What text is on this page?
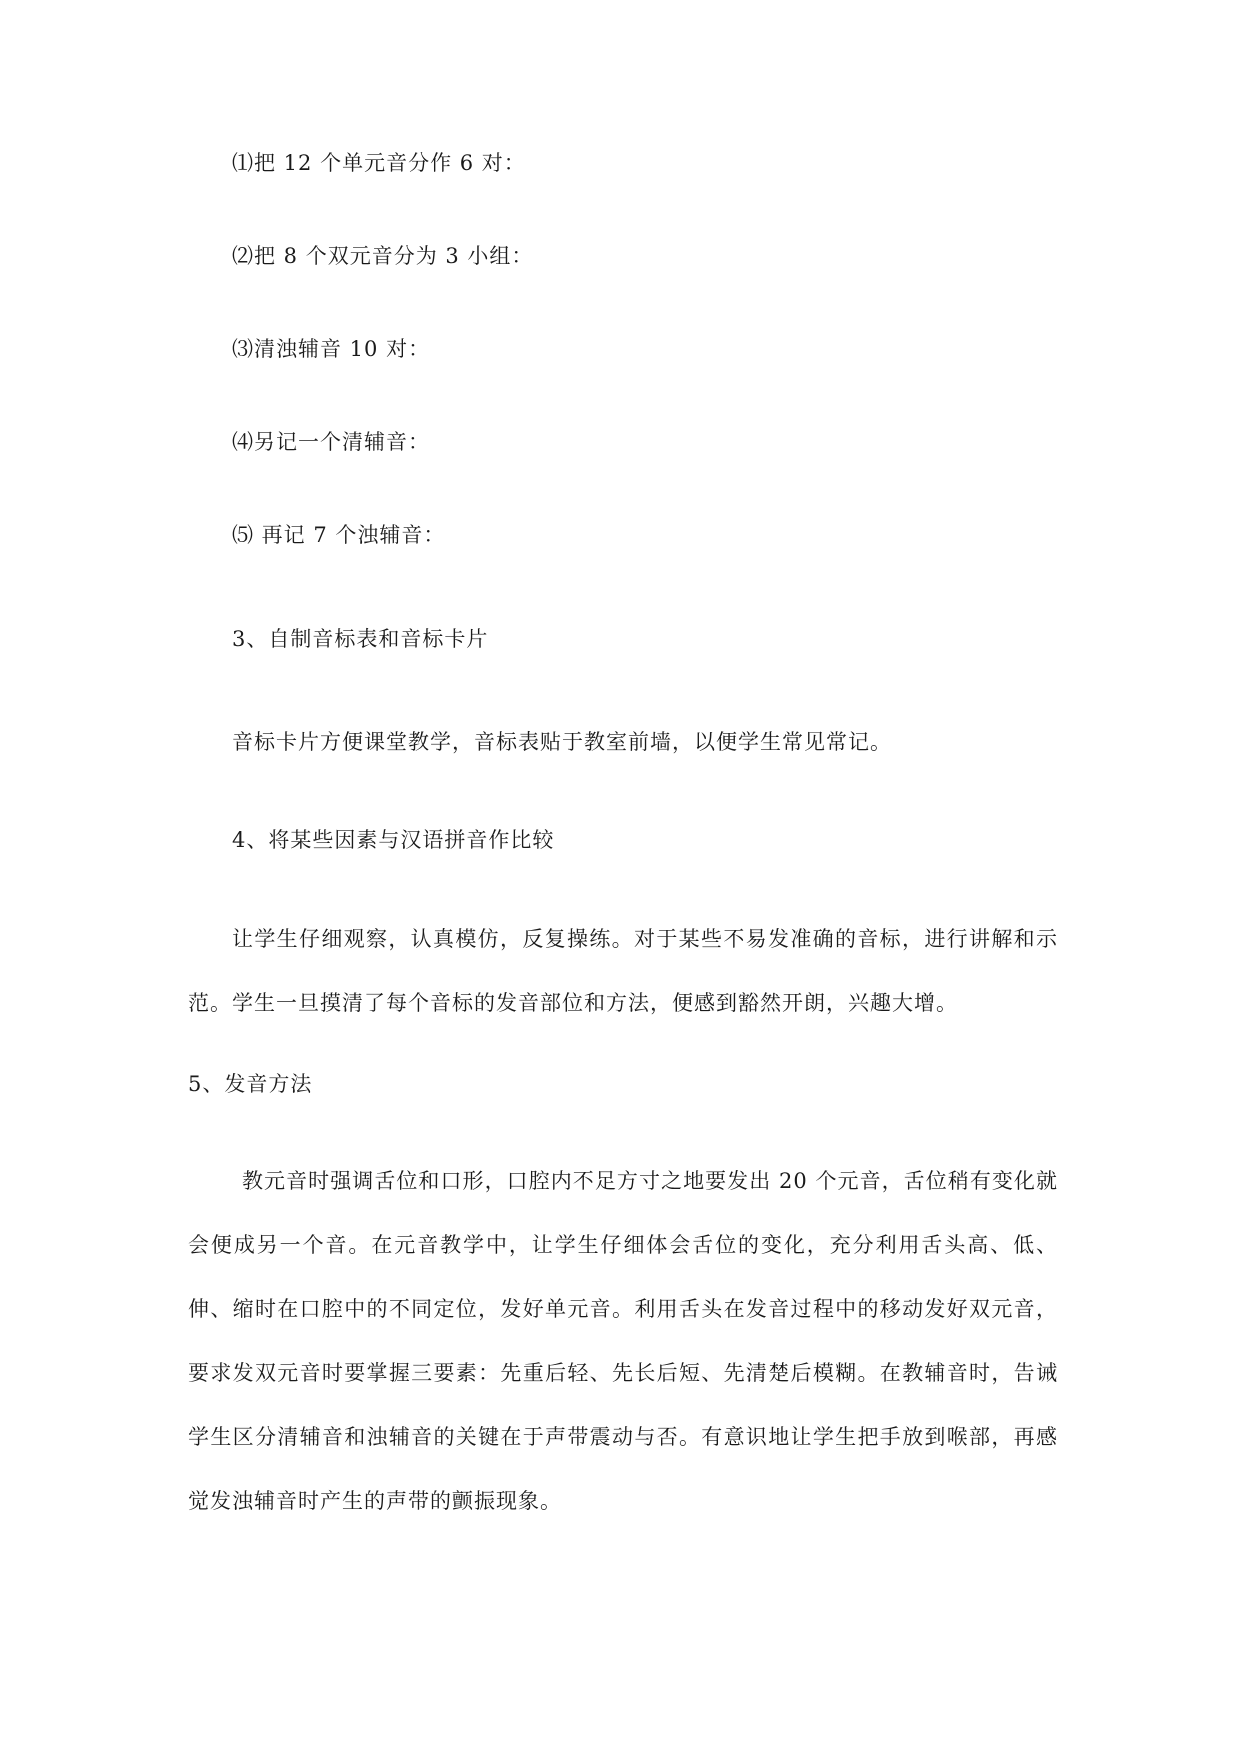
⑴把 12 个单元音分作 6 对：
⑵把 8 个双元音分为 3 小组：
⑶清浊辅音 10 对：
⑷另记一个清辅音：
⑸ 再记 7 个浊辅音：
3、自制音标表和音标卡片
音标卡片方便课堂教学，音标表贴于教室前墙，以便学生常见常记。
4、将某些因素与汉语拼音作比较
让学生仔细观察，认真模仿，反复操练。对于某些不易发准确的音标，进行讲解和示范。学生一旦摸清了每个音标的发音部位和方法，便感到豁然开朗，兴趣大增。
5、发音方法
教元音时强调舌位和口形，口腔内不足方寸之地要发出 20 个元音，舌位稍有变化就会便成另一个音。在元音教学中，让学生仔细体会舌位的变化，充分利用舌头高、低、伸、缩时在口腔中的不同定位，发好单元音。利用舌头在发音过程中的移动发好双元音，要求发双元音时要掌握三要素：先重后轻、先长后短、先清楚后模糊。在教辅音时，告诫学生区分清辅音和浊辅音的关键在于声带震动与否。有意识地让学生把手放到喉部，再感觉发浊辅音时产生的声带的颤振现象。
